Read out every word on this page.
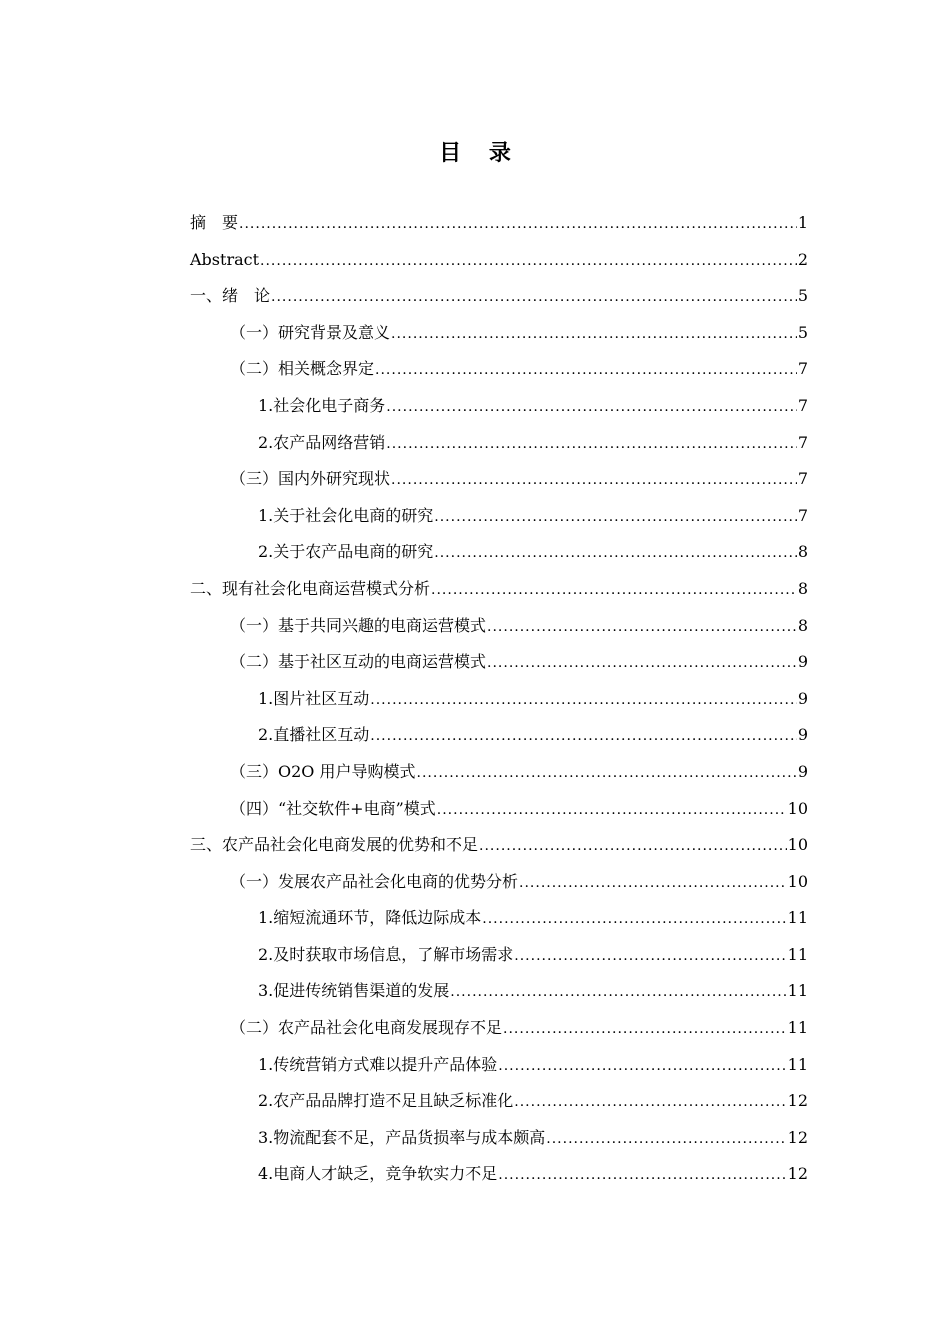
目 录
摘　要 .....	1
Abstract .....	2
一、绪　论 .....	5
（一）研究背景及意义 .....	5
（二）相关概念界定 .....	7
1.社会化电子商务 .....	7
2.农产品网络营销 .....	7
（三）国内外研究现状 .....	7
1.关于社会化电商的研究 .....	7
2.关于农产品电商的研究 .....	8
二、现有社会化电商运营模式分析 .....	8
（一）基于共同兴趣的电商运营模式 .....	8
（二）基于社区互动的电商运营模式 .....	9
1.图片社区互动 .....	9
2.直播社区互动 .....	9
（三）O2O 用户导购模式 .....	9
（四）“社交软件+电商”模式 .....	10
三、农产品社会化电商发展的优势和不足 .....	10
（一）发展农产品社会化电商的优势分析 .....	10
1.缩短流通环节，降低边际成本 .....	11
2.及时获取市场信息，了解市场需求 .....	11
3.促进传统销售渠道的发展 .....	11
（二）农产品社会化电商发展现存不足 .....	11
1.传统营销方式难以提升产品体验 .....	11
2.农产品品牌打造不足且缺乏标准化 .....	12
3.物流配套不足，产品货损率与成本颇高 .....	12
4.电商人才缺乏，竞争软实力不足 .....	12
